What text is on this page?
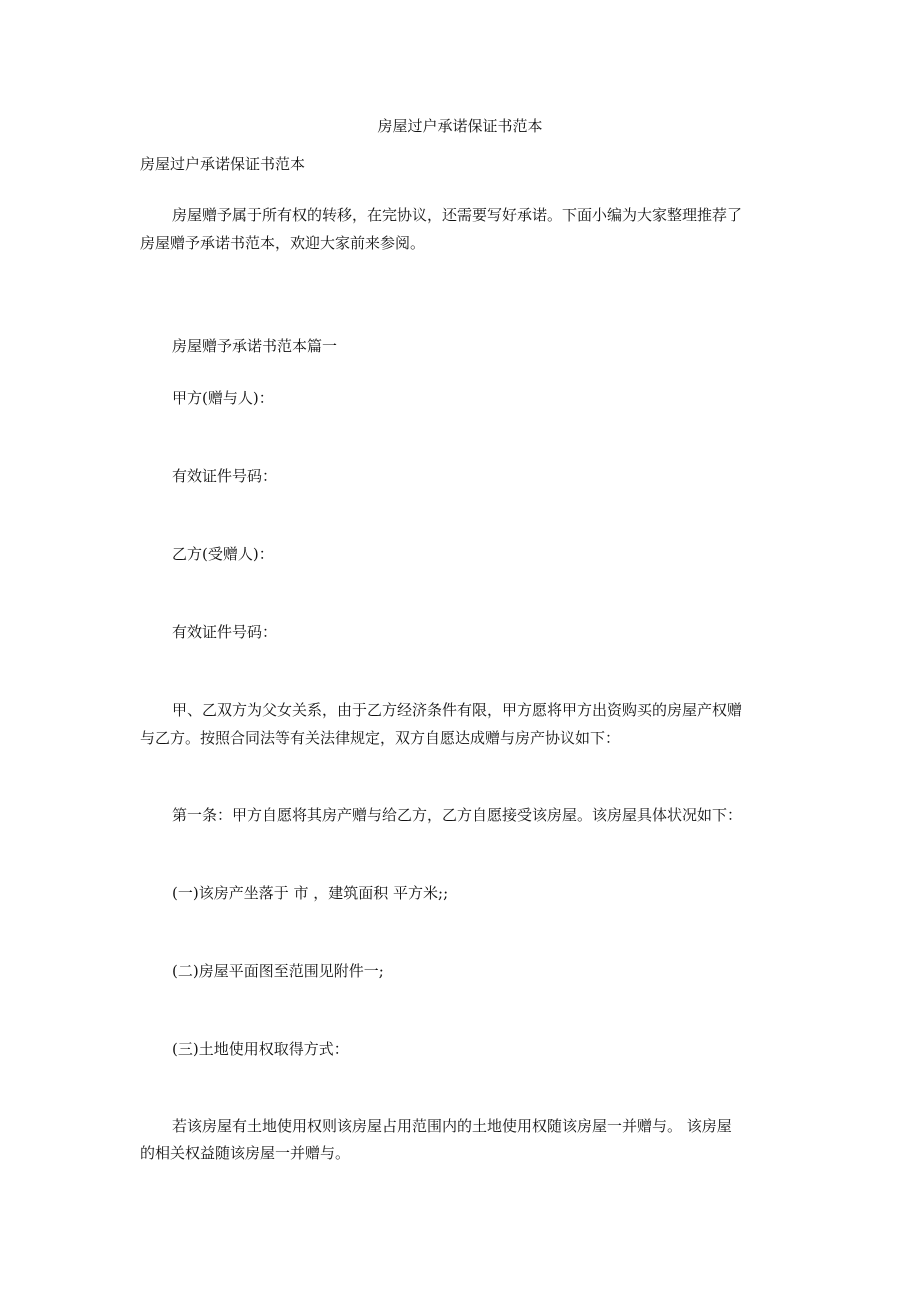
房屋过户承诺保证书范本
房屋过户承诺保证书范本
房屋赠予属于所有权的转移，在完协议，还需要写好承诺。下面小编为大家整理推荐了
房屋赠予承诺书范本，欢迎大家前来参阅。
房屋赠予承诺书范本篇一
甲方(赠与人)：
有效证件号码：
乙方(受赠人)：
有效证件号码：
甲、乙双方为父女关系，由于乙方经济条件有限，甲方愿将甲方出资购买的房屋产权赠
与乙方。按照合同法等有关法律规定，双方自愿达成赠与房产协议如下：
第一条：甲方自愿将其房产赠与给乙方，乙方自愿接受该房屋。该房屋具体状况如下：
(一)该房产坐落于 市 ，建筑面积 平方米;;
(二)房屋平面图至范围见附件一;
(三)土地使用权取得方式：
若该房屋有土地使用权则该房屋占用范围内的土地使用权随该房屋一并赠与。 该房屋
的相关权益随该房屋一并赠与。
